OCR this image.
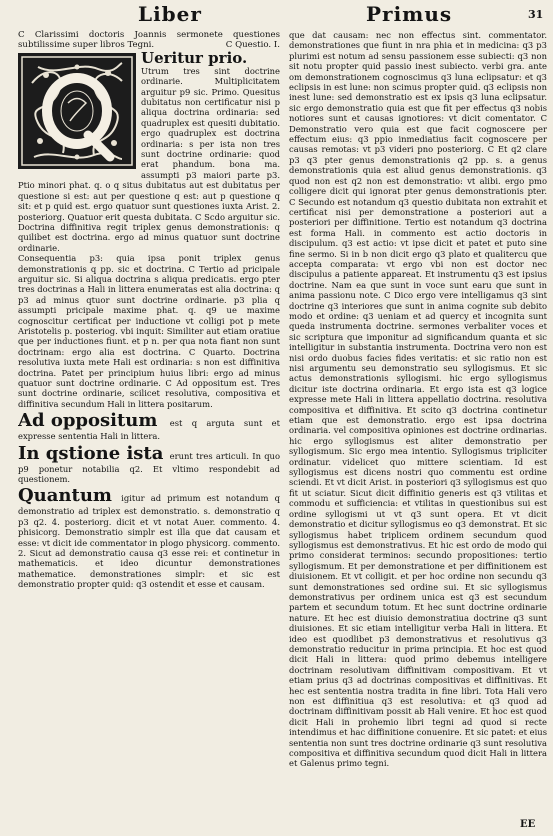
Liber	Primus	31

C Clarissimi doctoris Joannis sermonete questiones subtilissime super libros Tegni.	C Questio. I.

Ueritur prio.

Utrum tres sint doctrine ordinarie. Multiplicitatem arguitur p9 sic. Primo. Quesitus dubitatus non certificatur nisi p aliqua doctrina ordinaria: sed quadruplex est quesiti dubitatio. ergo quadruplex est doctrina ordinaria: s per ista non tres sunt doctrine ordinarie: quod erat phandum. bona ma. assumpti p3 maiori parte p3. Ptio minori phat. q. o q situs dubitatus aut est dubitatus per questione si est: aut per questione q est: aut p questione q sit: et p quid est. ergo quatuor sunt questiones iuxta Arist. 2. posteriorg. Quatuor erit questa dubitata. C Scdo arguitur sic. Doctrina diffinitiva regit triplex genus demonstrationis: q quilibet est doctrina. ergo ad minus quatuor sunt doctrine ordinarie.

Consequentia p3: quia ipsa ponit triplex genus demonstrationis q pp. sic et doctrina. C Tertio ad pricipale arguitur sic. Si aliqua doctrina s aliqua predicatis. ergo pter tres doctrinas a Hali in littera enumeratas est alia doctrina: q p3 ad minus qtuor sunt doctrine ordinarie. p3 plia q assumpti pricipale maxime phat. q. q9 ue maxime cognoscitur certificat per inductione vt colligi pot p mete Aristotelis p. posteriog. vbi inquit: Similiter aut etiam oratiue que per inductiones fiunt. et p n. per qua nota fiant non sunt doctrinam: ergo alia est doctrina. C Quarto. Doctrina resolutiva iuxta mete Hali est ordinaria: s non est diffinitiva doctrina. Patet per principium huius libri: ergo ad minus quatuor sunt doctrine ordinarie. C Ad oppositum est. Tres sunt doctrine ordinarie, scilicet resolutiva, compositiva et diffinitiva secundum Hali in littera positarum.

Ad oppositum est q arguta sunt et expresse sententia Hali in littera.

In qstione ista erunt tres articuli. In quo p9 ponetur notabilia q2. Et vltimo respondebit ad questionem.

Quantum igitur ad primum est notandum q demonstratio ad triplex est demonstratio. s. demonstratio q p3 q2. 4. posteriorg. dicit et vt notat Auer. commento. 4. phisicorg. Demonstratio simplr est illa que dat causam et esse: vt dicit ide commentator in plogo physicorg. commento. 2. Sicut ad demonstratio causa q3 esse rei: et continetur in mathematicis. et ideo dicuntur demonstrationes mathematice. demonstrationes simplr: et sic est demonstratio propter quid: q3 ostendit et esse et causam.

que dat causam: nec non effectus sint. commentator. demonstrationes que fiunt in nra phia et in medicina: q3 p3 plurimi est notum ad sensu passionem esse subiecti: q3 non sit notu propter quid passio inest subiecto. verbi gra. ante om demonstrationem cognoscimus q3 luna eclipsatur: et q3 eclipsis in est lune: non scimus propter quid. q3 eclipsis non inest lune: sed demonstratio est ex ipsis q3 luna eclipsatur. sic ergo demonstratio quia est que fit per effectus q3 nobis notiores sunt et causas ignotiores: vt dicit comentator. C Demonstratio vero quia est que facit cognoscere per effectum eius: q3 ppio inmediatius facit cognoscere per causas remotas: vt p3 videri pno posteriorg. C Et q2 clare p3 q3 pter genus demonstrationis q2 pp. s. a genus demonstrationis quia est aliud genus demonstrationis. q3 quod non est q2 non est demonstratio: vt alibi. ergo pmo colligere dicit qui ignorat pter genus demonstrationis pter. C Secundo est notandum q3 questio dubitata non extrahit et certificat nisi per demonstratione a posteriori aut a posteriori per diffinitione. Tertio est notandum q3 doctrina est forma Hali. in commento est actio doctoris in discipulum. q3 est actio: vt ipse dicit et patet et puto sine fine sermo. Si in b non dicit ergo q3 plato et qualitercu que accepta comparata: vt ergo vbi non est doctor nec discipulus a patiente appareat. Et instrumentu q3 est ipsius doctrine. Nam ea que sunt in voce sunt earu que sunt in anima passionu note. C Dico ergo vere intelligamus q3 sint doctrine q3 interiores que sunt in anima cognite sub debito modo et ordine: q3 ueniam et ad quercy et incognita sunt queda instrumenta doctrine. sermones verbaliter voces et sic scriptura que imponitur ad significandum quanta et sic intelligitur in substantia instrumenta. Doctrina vero non est nisi ordo duobus facies fides veritatis: et sic ratio non est nisi argumentu seu demonstratio seu syllogismus. Et sic actus demonstrationis syllogismi. hic ergo syllogismus dicitur iste doctrina ordinaria. Et ergo ista est q3 logice expresse mete Hali in littera appellatio doctrina. resolutiva compositiva et diffinitiva. Et scito q3 doctrina continetur etiam que est demonstratio. ergo est ipsa doctrina ordinaria. vel compositiva opiniones est doctrine ordinarias. hic ergo syllogismus est aliter demonstratio per syllogismum. Sic ergo mea intentio. Syllogismus tripliciter ordinatur. videlicet quo mittere scientiam. Id est syllogismus est dicens nostri quo commentu est ordine sciendi. Et vt dicit Arist. in posteriori q3 syllogismus est quo fit ut sciatur. Sicut dicit diffinitio generis est q3 vtilitas et commodu et sufficiencia: et vtilitas in questionibus sui est ordine syllogismi ut vt q3 sunt opera. Et vt dicit demonstratio et dicitur syllogismus eo q3 demonstrat. Et sic syllogismus habet triplicem ordinem secundum quod syllogismus est demonstrativus. Et hic est ordo de modo qui primo considerat terminos: secundo propositiones: tertio syllogismum. Et per demonstratione et per diffinitionem est diuisionem. Et vt colligit. et per hoc ordine non secundu q3 sunt demonstrationes sed ordine sui. Et sic syllogismus demonstrativus per ordinem unica est q3 est secundum partem et secundum totum. Et hec sunt doctrine ordinarie nature. Et hec est diuisio demonstratiua doctrine q3 sunt diuisiones. Et sic etiam intelligitur verba Hali in littera. Et ideo est quodlibet p3 demonstrativus et resolutivus q3 demonstratio reducitur in prima principia. Et hoc est quod dicit Hali in littera: quod primo debemus intelligere doctrinam resolutivam diffinitivam compositivam. Et vt etiam prius q3 ad doctrinas compositivas et diffinitivas. Et hec est sententia nostra tradita in fine libri. Tota Hali vero non est diffinitiua q3 est resolutiva: et q3 quod ad doctrinam diffinitivam possit ab Hali venire. Et hoc est quod dicit Hali in prohemio libri tegni ad quod si recte intendimus et hac diffinitione conuenire. Et sic patet: et eius sententia non sunt tres doctrine ordinarie q3 sunt resolutiva compositiva et diffinitiva secundum quod dicit Hali in littera et Galenus primo tegni.

EE
